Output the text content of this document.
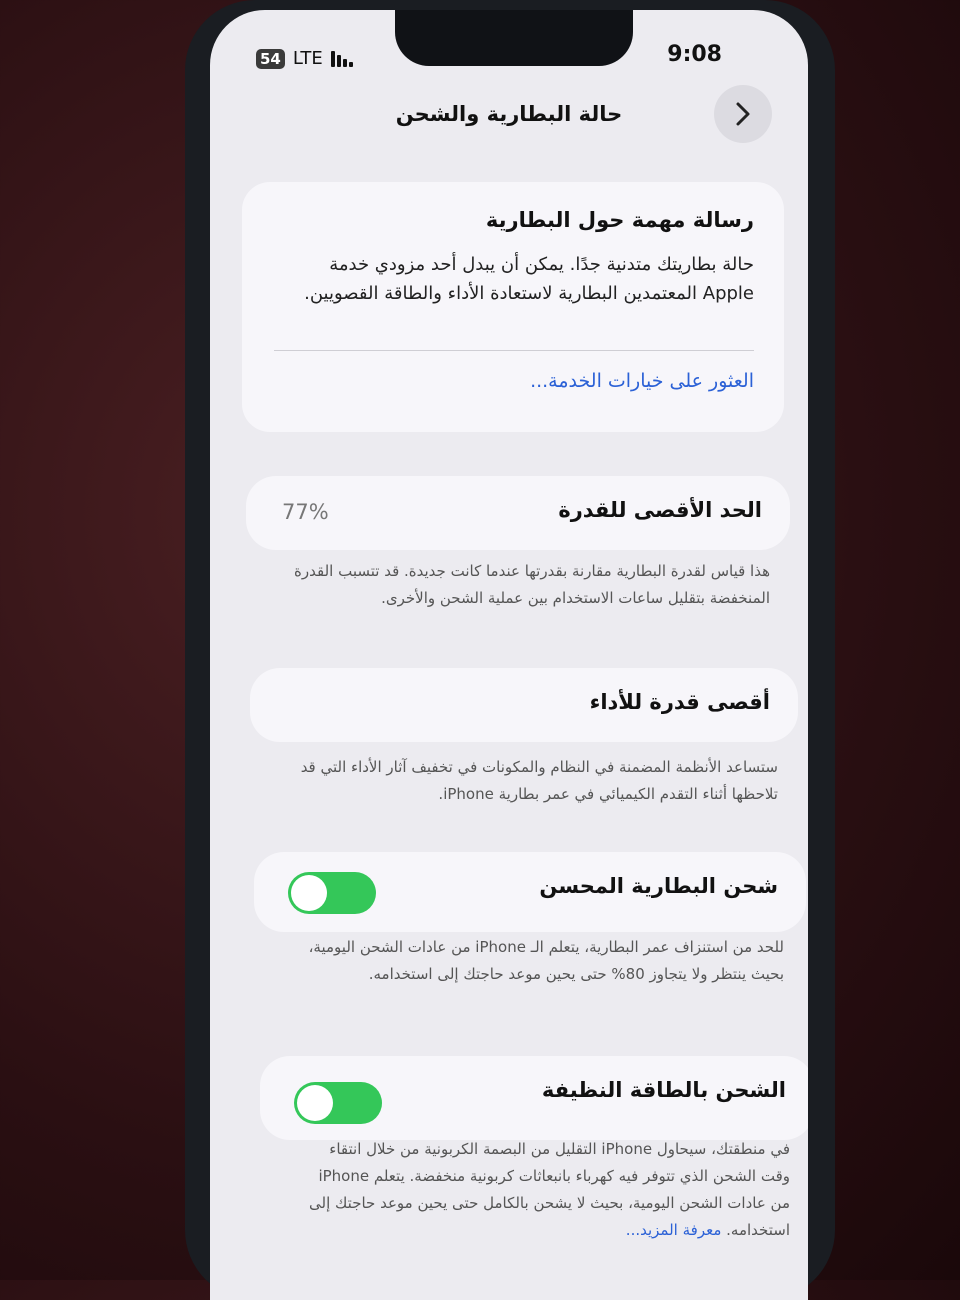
54 LTE	9:08
حالة البطارية والشحن
رسالة مهمة حول البطارية
حالة بطاريتك متدنية جدًا. يمكن أن يبدل أحد مزودي خدمة Apple المعتمدين البطارية لاستعادة الأداء والطاقة القصويين.
العثور على خيارات الخدمة...
الحد الأقصى للقدرة
77%
هذا قياس لقدرة البطارية مقارنة بقدرتها عندما كانت جديدة. قد تتسبب القدرة المنخفضة بتقليل ساعات الاستخدام بين عملية الشحن والأخرى.
أقصى قدرة للأداء
ستساعد الأنظمة المضمنة في النظام والمكونات في تخفيف آثار الأداء التي قد تلاحظها أثناء التقدم الكيميائي في عمر بطارية iPhone.
شحن البطارية المحسن
للحد من استنزاف عمر البطارية، يتعلم الـ iPhone من عادات الشحن اليومية، بحيث ينتظر ولا يتجاوز 80% حتى يحين موعد حاجتك إلى استخدامه.
الشحن بالطاقة النظيفة
في منطقتك، سيحاول iPhone التقليل من البصمة الكربونية من خلال انتقاء وقت الشحن الذي تتوفر فيه كهرباء بانبعاثات كربونية منخفضة. يتعلم iPhone من عادات الشحن اليومية، بحيث لا يشحن بالكامل حتى يحين موعد حاجتك إلى استخدامه. معرفة المزيد...
